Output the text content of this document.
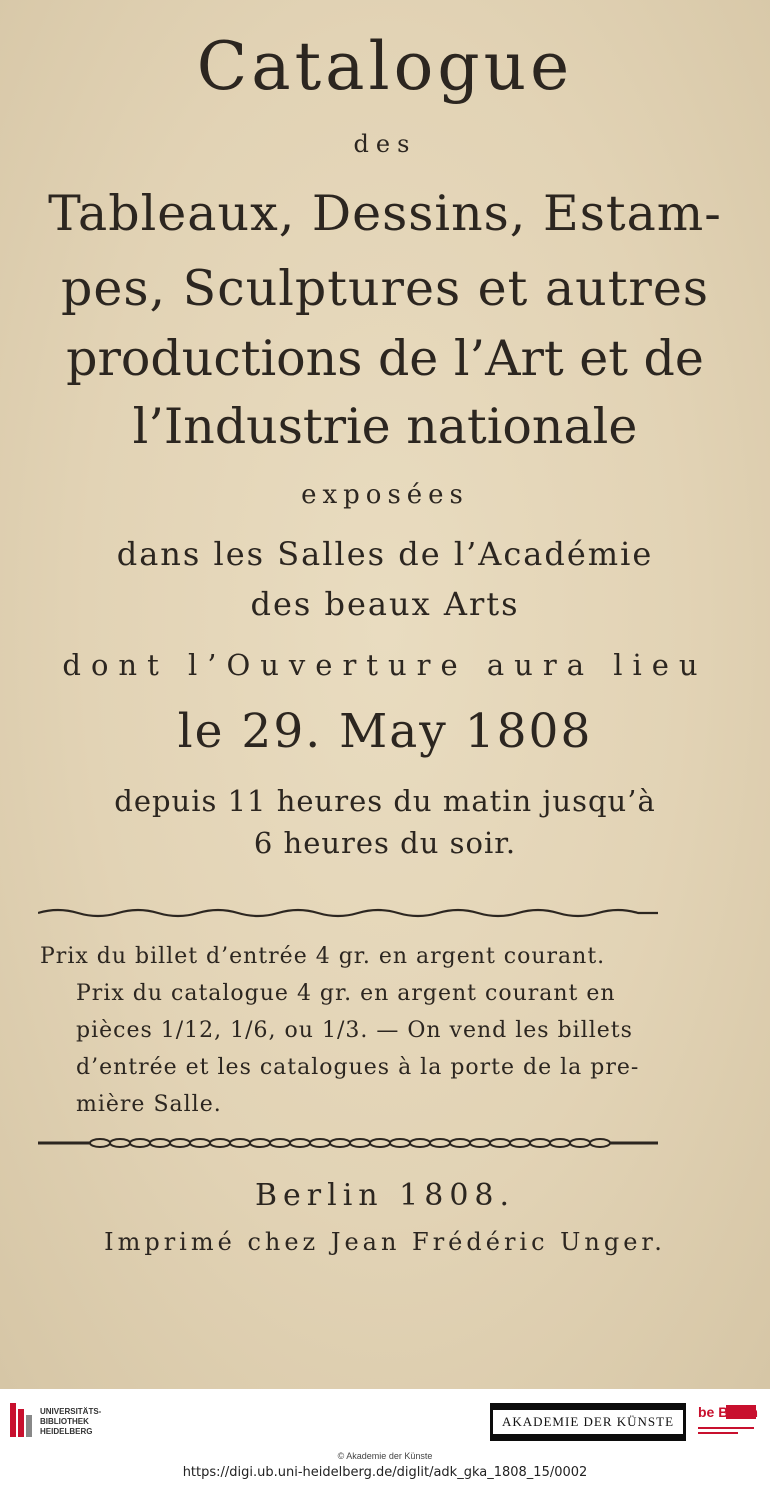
Catalogue

des

Tableaux, Dessins, Estam-

pes, Sculptures et autres

productions de l’Art et de

l’Industrie nationale

exposées

dans les Salles de l’Académie

des beaux Arts

dont l’Ouverture aura lieu

le 29. May 1808

depuis 11 heures du matin jusqu’à

6 heures du soir.

Prix du billet d’entrée 4 gr. en argent courant.
Prix du catalogue 4 gr. en argent courant en
pièces 1/12, 1/6, ou 1/3. — On vend les billets
d’entrée et les catalogues à la porte de la pre-
mière Salle.

Berlin 1808.

Imprimé chez Jean Frédéric Unger.

UNIVERSITÄTS-BIBLIOTHEK HEIDELBERG
AKADEMIE DER KÜNSTE
be Berlin
© Akademie der Künste
https://digi.ub.uni-heidelberg.de/diglit/adk_gka_1808_15/0002
